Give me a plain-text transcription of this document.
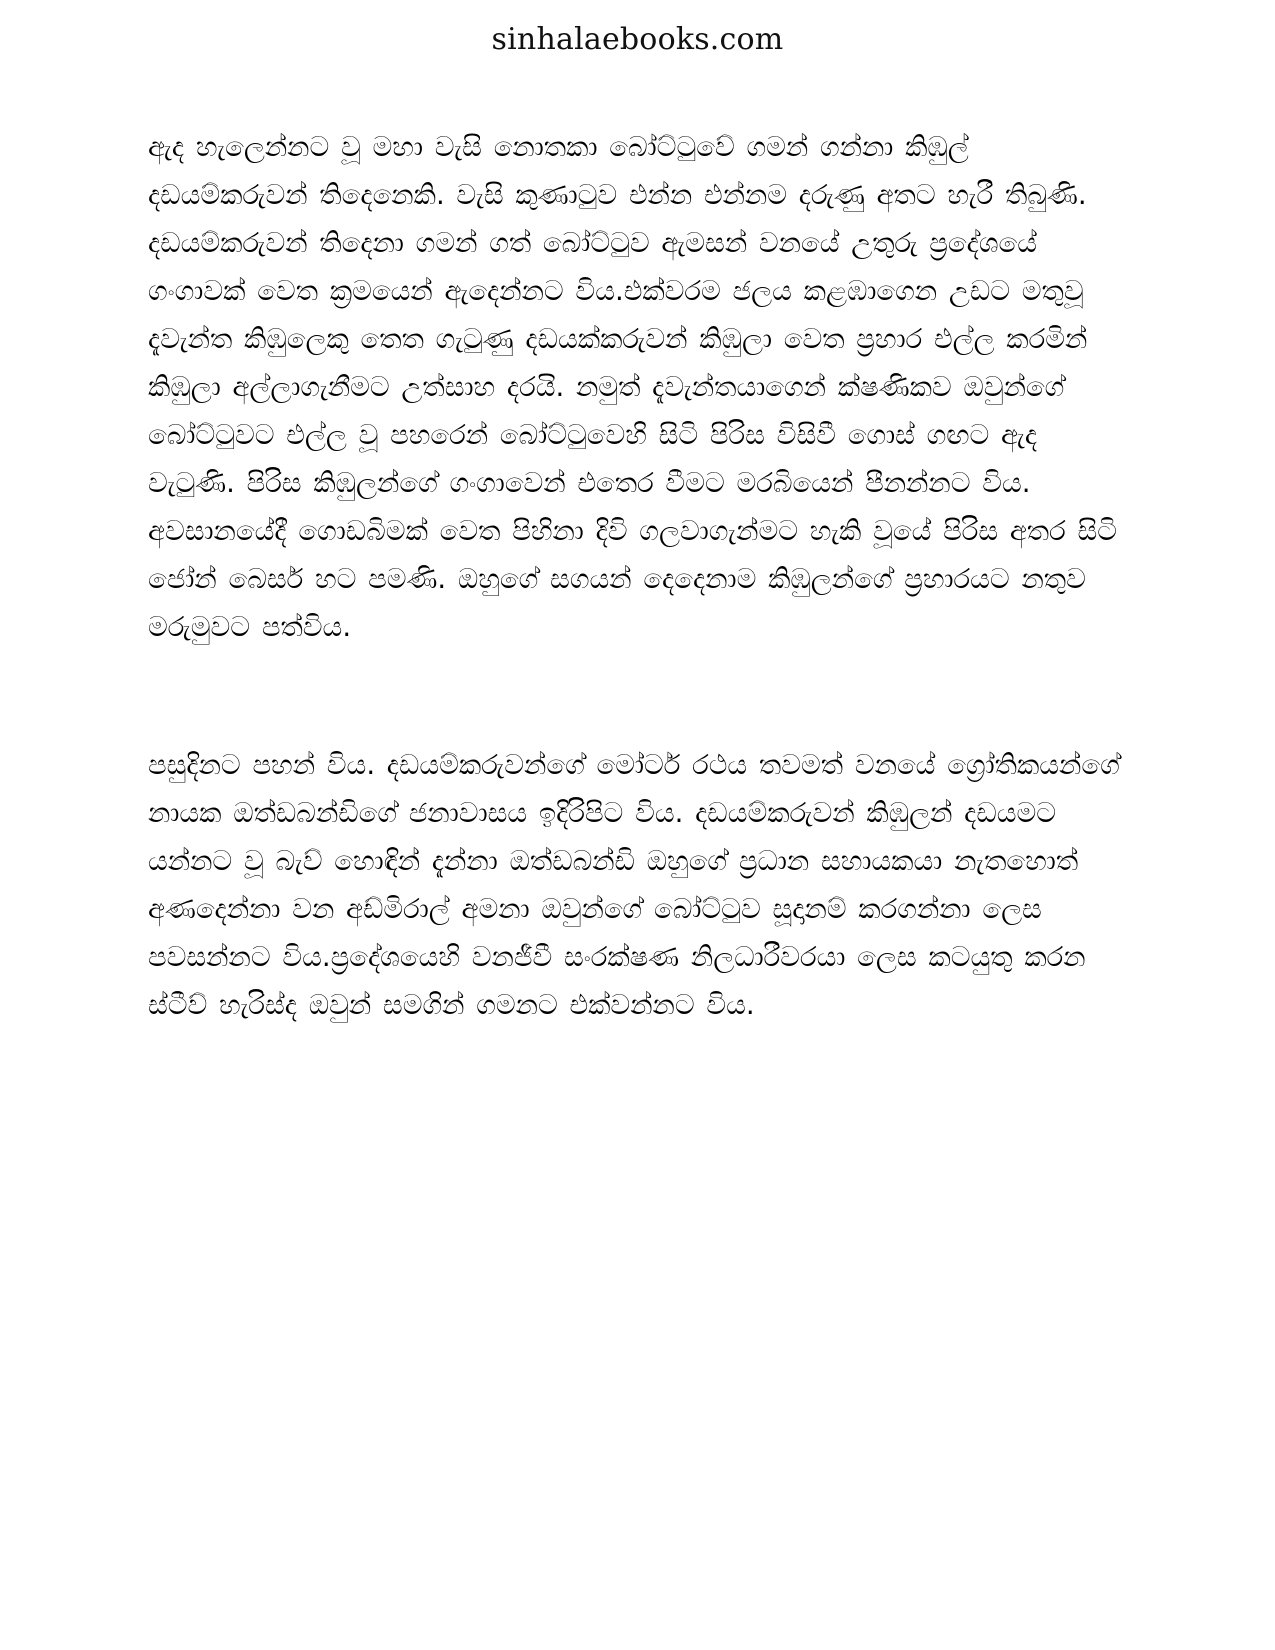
sinhalaebooks.com

ඇද හැලෙන්නට වූ මහා වැසි නොතකා බෝට්ටුවේ ගමන් ගන්නා කිඹුල් දඩයම්කරුවන් තිදෙනෙකි. වැසි කුණාටුව එන්න එන්නම දරුණු අතට හැරී තිබුණි. දඩයම්කරුවන් තිදෙනා ගමන් ගත් බෝට්ටුව ඇමසන් වනයේ උතුරු ප්‍රදේශයේ ගංගාවක් වෙත ක්‍රමයෙන් ඇදෙන්නට විය.එක්වරම ජලය කළඹාගෙන උඩට මතුවූ දැවැන්ත කිඹුලෙකු තෙත ගැටුණු දඩයක්කරුවන් කිඹුලා වෙත ප්‍රහාර එල්ල කරමින් කිඹුලා අල්ලාගැනීමට උත්සාහ දරයි. නමුත් දැවැන්තයාගෙන් ක්ෂණිකව ඔවුන්ගේ බෝට්ටුවට එල්ල වූ පහරෙන් බෝට්ටුවෙහි සිටි පිරිස විසිවී ගොස් ගඟට ඇද වැටුණි. පිරිස කිඹුලන්ගේ ගංගාවෙන් එතෙර වීමට මරබියෙන් පීනන්නට විය. අවසානයේදී ගොඩබිමක් වෙත පිහිනා දිවි ගලවාගැන්මට හැකි වූයේ පිරිස අතර සිටි ජෝන් බෙසර් හට පමණි. ඔහුගේ සගයන් දෙදෙනාම කිඹුලන්ගේ ප්‍රහාරයට නතුව මරුමුවට පත්විය.

පසුදිනට පහන් විය. දඩයම්කරුවන්ගේ මෝටර් රථය තවමත් වනයේ ග්‍රෝතිකයන්ගේ නායක ඔත්ඩබන්ඩිගේ ජනාවාසය ඉදිරිපිට විය. දඩයම්කරුවන් කිඹුලන් දඩයමට යන්නට වූ බැව් හොඳින් දැන්නා ඔත්ඩබන්ඩි ඔහුගේ ප්‍රධාන සහායකයා නැතහොත් අණදෙන්නා වන අඩ්මිරාල් අමනා ඔවුන්ගේ බෝට්ටුව සූදානම් කරගන්නා ලෙස පවසන්නට විය.ප්‍රදේශයෙහි වනජීවී සංරක්ෂණ නිලධාරීවරයා ලෙස කටයුතු කරන ස්ටීව් හැරිස්ද ඔවුන් සමගින් ගමනට එක්වන්නට විය.
